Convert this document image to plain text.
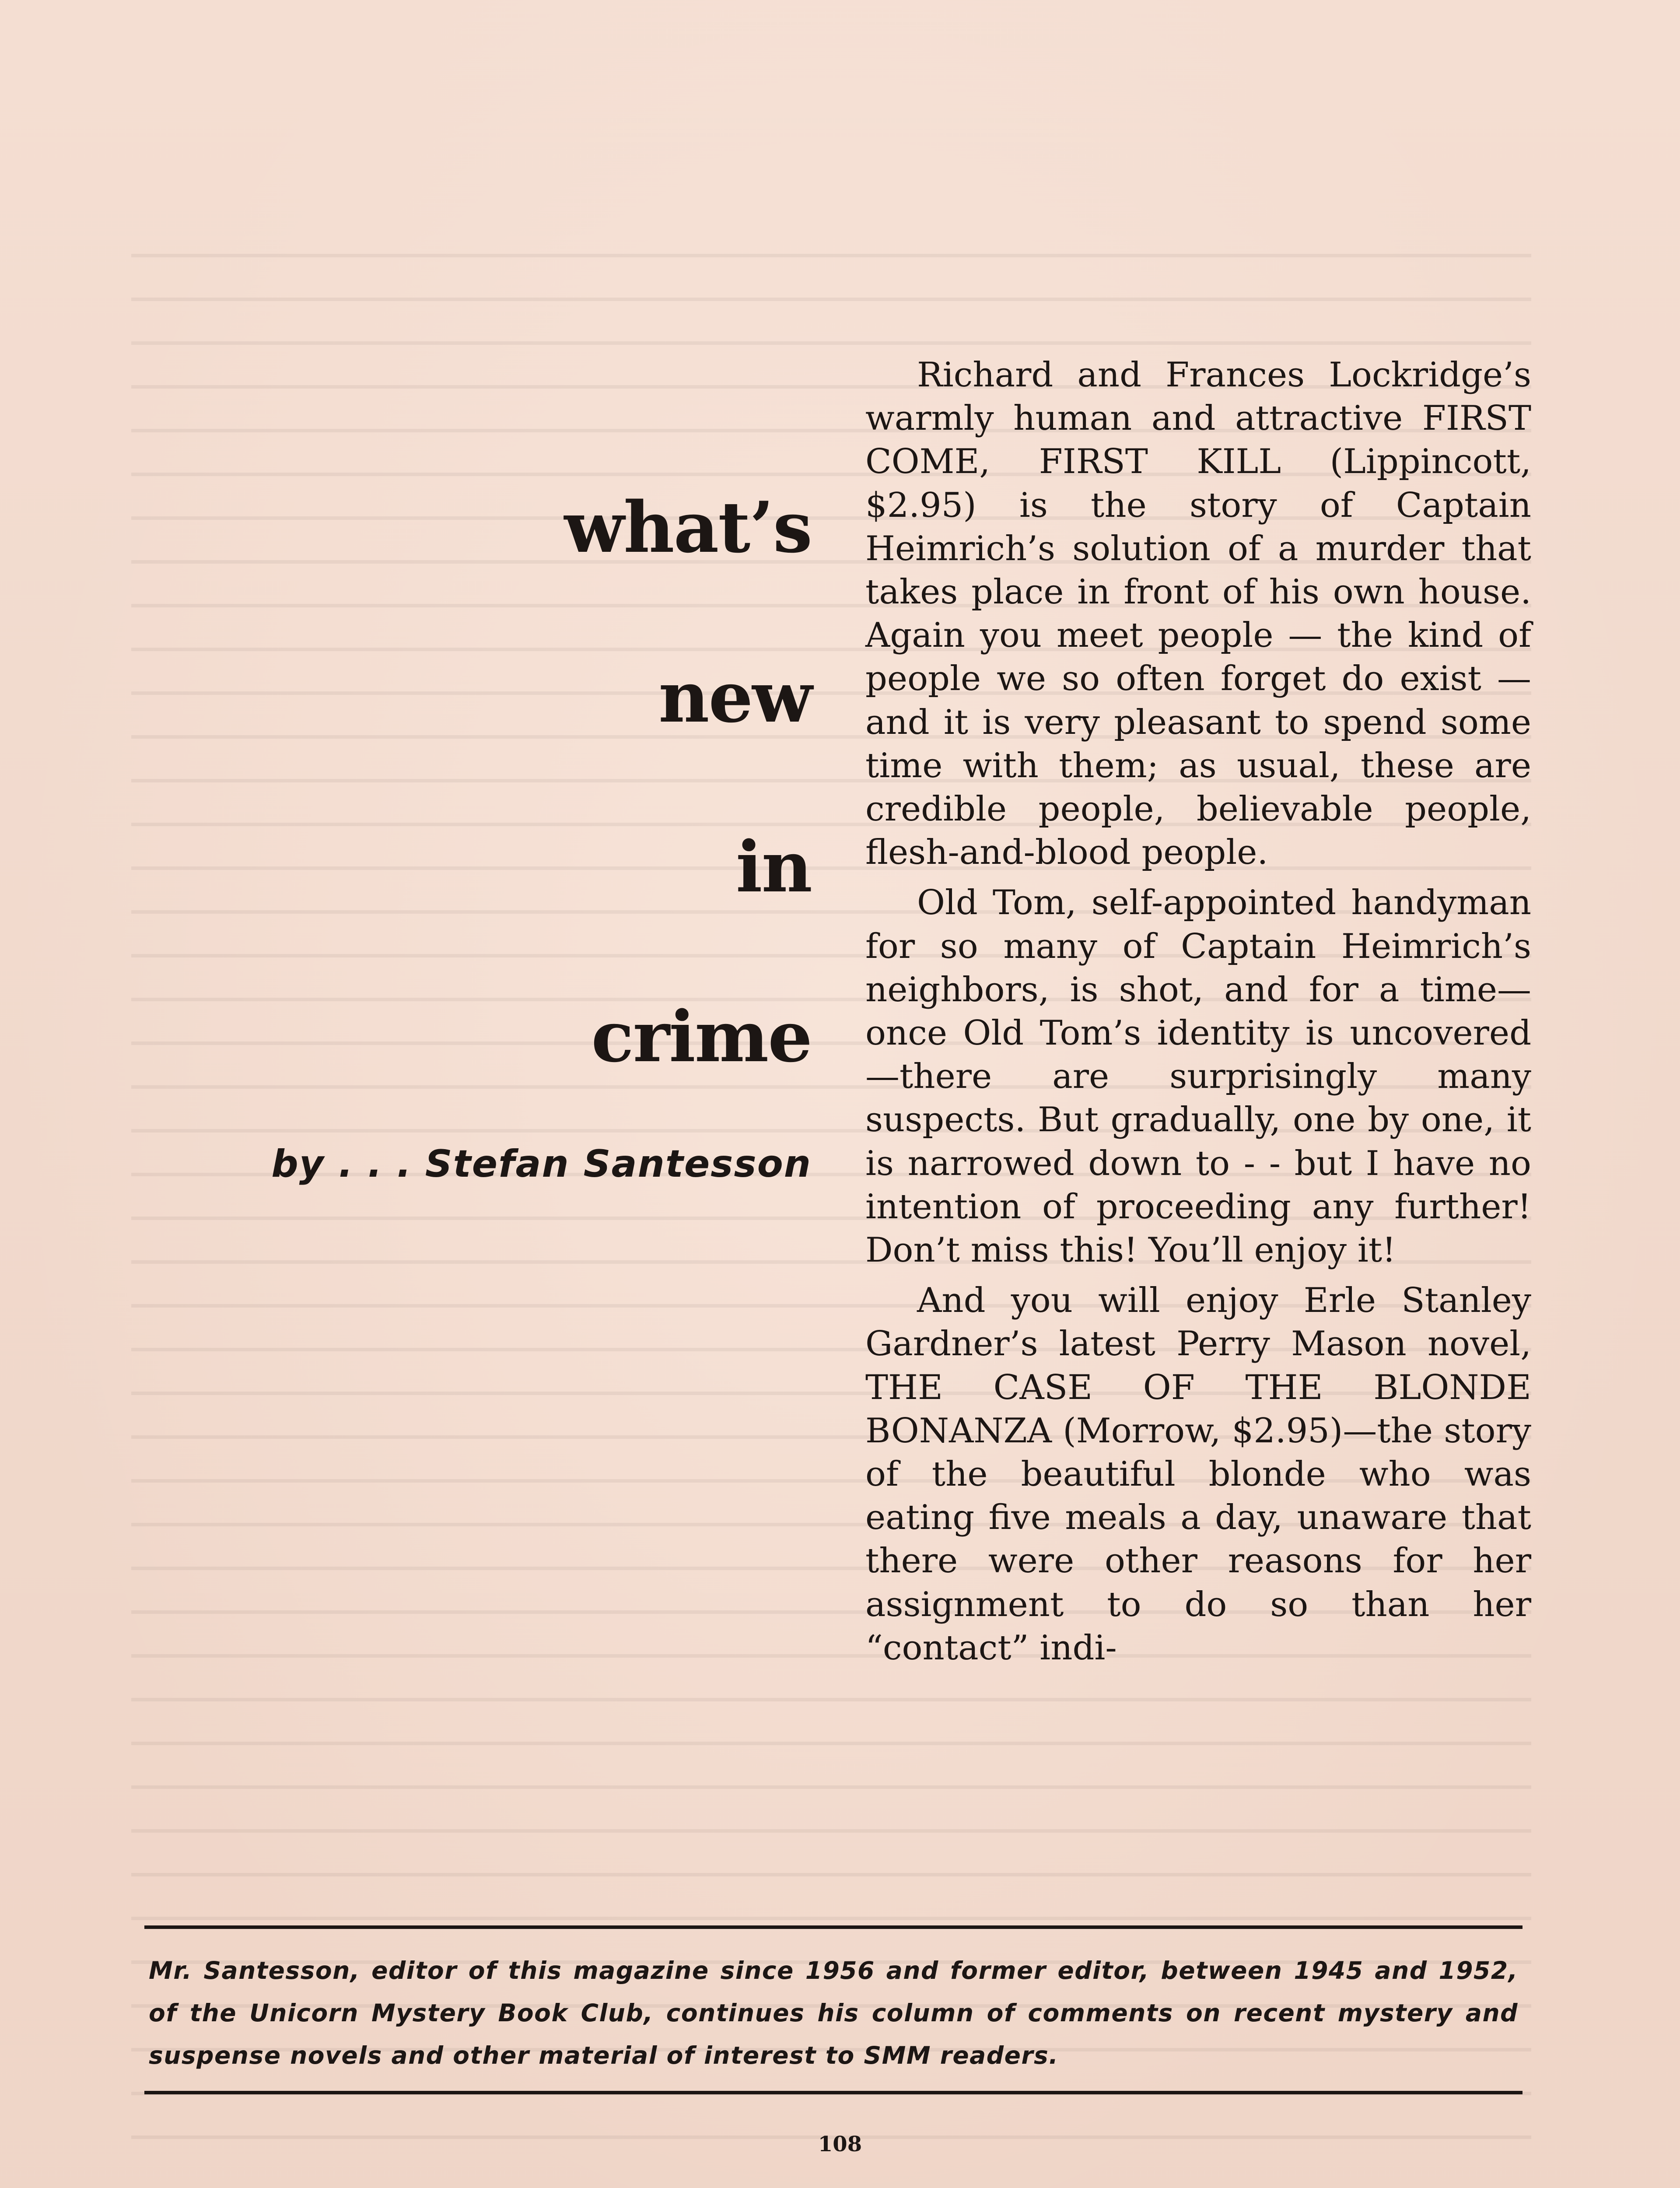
what’s
new
in
crime
by . . . Stefan Santesson

Richard and Frances Lockridge’s warmly human and attractive FIRST COME, FIRST KILL (Lippincott, $2.95) is the story of Captain Heimrich’s solution of a murder that takes place in front of his own house. Again you meet people — the kind of people we so often forget do exist — and it is very pleasant to spend some time with them; as usual, these are credible people, believable people, flesh-and-blood people.

Old Tom, self-appointed handyman for so many of Captain Heimrich’s neighbors, is shot, and for a time—once Old Tom’s identity is uncovered—there are surprisingly many suspects. But gradually, one by one, it is narrowed down to - - but I have no intention of proceeding any further! Don’t miss this! You’ll enjoy it!

And you will enjoy Erle Stanley Gardner’s latest Perry Mason novel, THE CASE OF THE BLONDE BONANZA (Morrow, $2.95)—the story of the beautiful blonde who was eating five meals a day, unaware that there were other reasons for her assignment to do so than her “contact” indi-

Mr. Santesson, editor of this magazine since 1956 and former editor, between 1945 and 1952, of the Unicorn Mystery Book Club, continues his column of comments on recent mystery and suspense novels and other material of interest to SMM readers.
108
